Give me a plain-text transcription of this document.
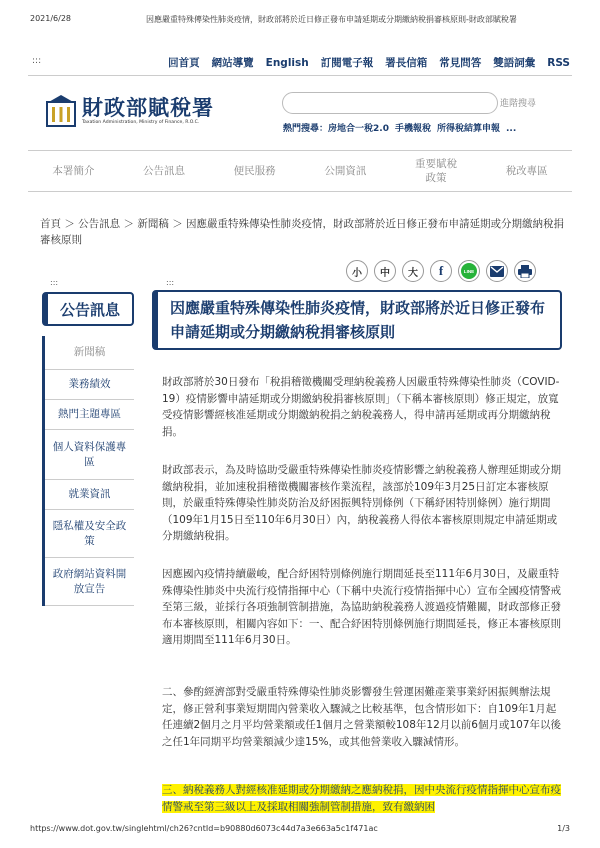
2021/6/28	因應嚴重特殊傳染性肺炎疫情，財政部將於近日修正發布申請延期或分期繳納稅捐審核原則-財政部賦稅署
:::	回首頁 網站導覽 English 訂閱電子報 署長信箱 常見問答 雙語詞彙 RSS
財政部賦稅署
Taxation Administration, Ministry of Finance, R.O.C.
進階搜尋
熱門搜尋：房地合一稅2.0 手機報稅 所得稅結算申報 ...
本署簡介	公告訊息	便民服務	公開資訊
重要賦稅政策
稅改專區
首頁 ＞ 公告訊息 ＞ 新聞稿 ＞ 因應嚴重特殊傳染性肺炎疫情，財政部將於近日修正發布申請延期或分期繳納稅捐審核原則
:::	:::
小	中	大	f	LINE
公告訊息
新聞稿
業務績效
熱門主題專區
個人資料保護專區
就業資訊
隱私權及安全政策
政府網站資料開放宣告
因應嚴重特殊傳染性肺炎疫情，財政部將於近日修正發布申請延期或分期繳納稅捐審核原則
財政部將於30日發布「稅捐稽徵機關受理納稅義務人因嚴重特殊傳染性肺炎（COVID-19）疫情影響申請延期或分期繳納稅捐審核原則」（下稱本審核原則）修正規定，放寬受疫情影響經核准延期或分期繳納稅捐之納稅義務人，得申請再延期或再分期繳納稅捐。
財政部表示，為及時協助受嚴重特殊傳染性肺炎疫情影響之納稅義務人辦理延期或分期繳納稅捐，並加速稅捐稽徵機關審核作業流程，該部於109年3月25日訂定本審核原則，於嚴重特殊傳染性肺炎防治及紓困振興特別條例（下稱紓困特別條例）施行期間（109年1月15日至110年6月30日）內，納稅義務人得依本審核原則規定申請延期或分期繳納稅捐。
因應國內疫情持續嚴峻，配合紓困特別條例施行期間延長至111年6月30日，及嚴重特殊傳染性肺炎中央流行疫情指揮中心（下稱中央流行疫情指揮中心）宣布全國疫情警戒至第三級，並採行各項強制管制措施，為協助納稅義務人渡過疫情難關，財政部修正發布本審核原則，相關內容如下：一、配合紓困特別條例施行期間延長，修正本審核原則適用期間至111年6月30日。
二、參酌經濟部對受嚴重特殊傳染性肺炎影響發生營運困難產業事業紓困振興辦法規定，修正營利事業短期間內營業收入驟減之比較基準，包含情形如下：自109年1月起任連續2個月之月平均營業額或任1個月之營業額較108年12月以前6個月或107年以後之任1年同期平均營業額減少達15%，或其他營業收入驟減情形。
三、納稅義務人對經核准延期或分期繳納之應納稅捐，因中央流行疫情指揮中心宣布疫情警戒至第三級以上及採取相關強制管制措施，致有繳納困
https://www.dot.gov.tw/singlehtml/ch26?cntId=b90880d6073c44d7a3e663a5c1f471ac	1/3
